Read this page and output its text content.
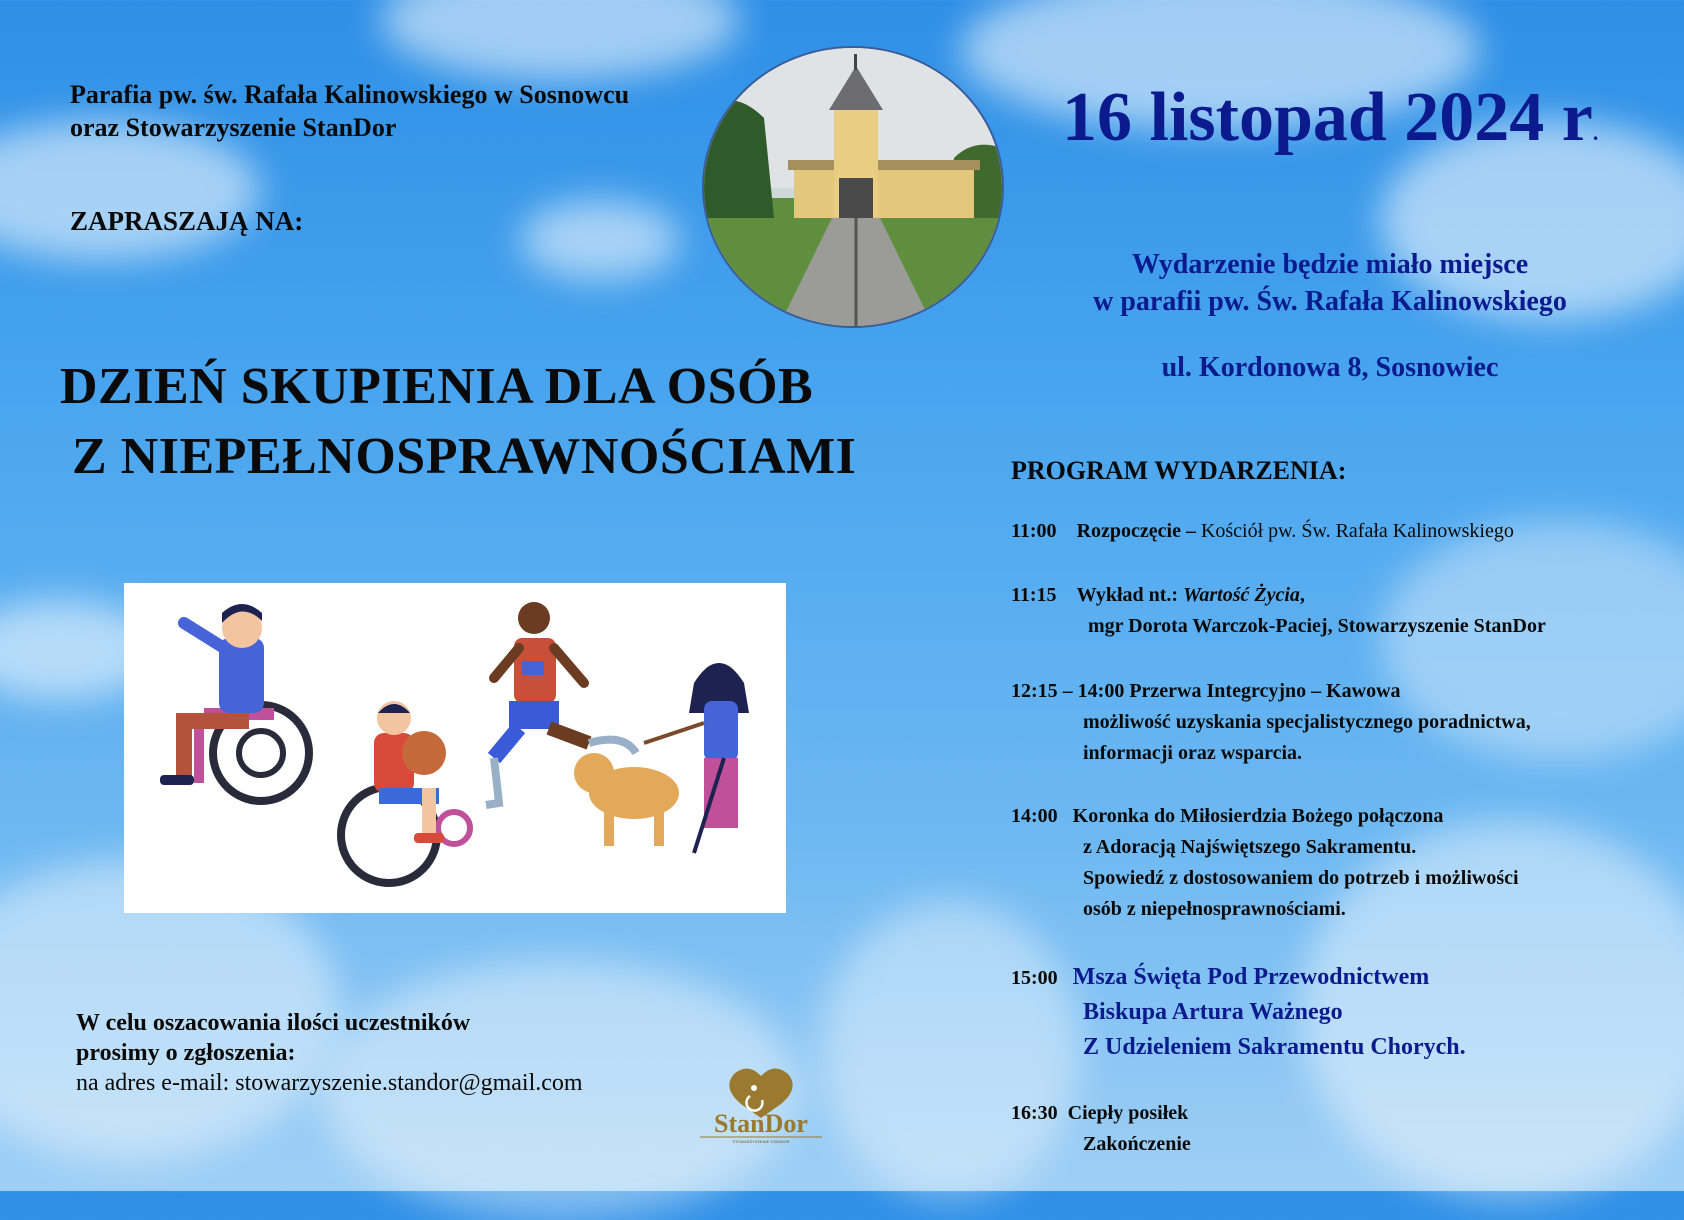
Parafia pw. św. Rafała Kalinowskiego w Sosnowcu
oraz Stowarzyszenie StanDor
ZAPRASZAJĄ NA:
DZIEŃ SKUPIENIA DLA OSÓB
Z NIEPEŁNOSPRAWNOŚCIAMI
16 listopad 2024 r.
Wydarzenie będzie miało miejsce
w parafii pw. Św. Rafała Kalinowskiego
ul. Kordonowa 8, Sosnowiec
PROGRAM WYDARZENIA:
11:00 Rozpoczęcie – Kościół pw. Św. Rafała Kalinowskiego
11:15 Wykład nt.: Wartość Życia,
mgr Dorota Warczok-Paciej, Stowarzyszenie StanDor
12:15 – 14:00 Przerwa Integrcyjno – Kawowa
możliwość uzyskania specjalistycznego poradnictwa,
informacji oraz wsparcia.
14:00 Koronka do Miłosierdzia Bożego połączona
z Adoracją Najświętszego Sakramentu.
Spowiedź z dostosowaniem do potrzeb i możliwości
osób z niepełnosprawnościami.
15:00 Msza Święta Pod Przewodnictwem
Biskupa Artura Ważnego
Z Udzieleniem Sakramentu Chorych.
16:30 Ciepły posiłek
Zakończenie
W celu oszacowania ilości uczestników
prosimy o zgłoszenia:
na adres e-mail: stowarzyszenie.standor@gmail.com
StanDor
STOWARZYSZENIE STANDOR
